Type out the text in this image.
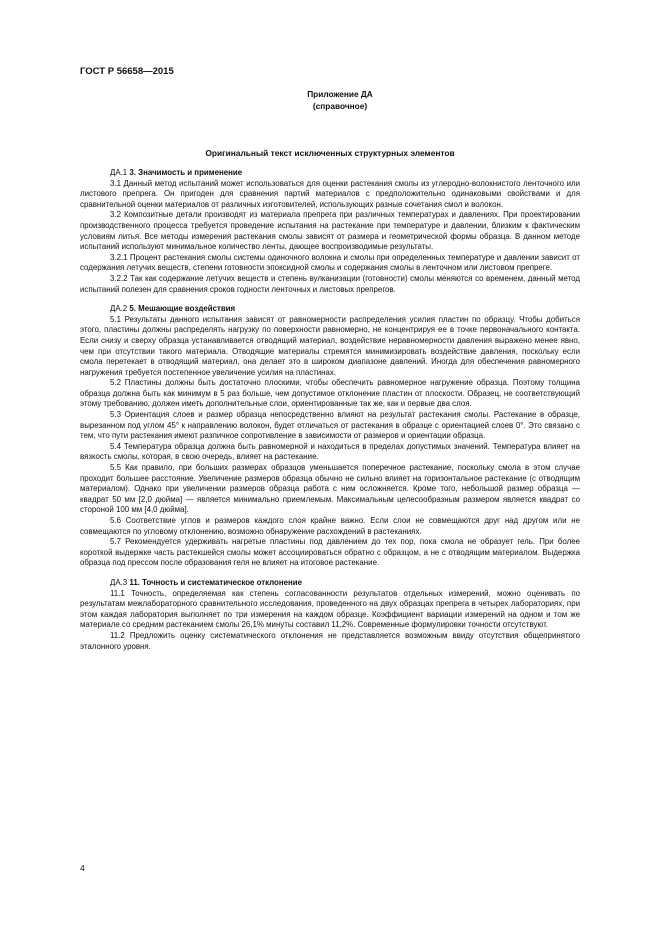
ГОСТ Р 56658—2015
Приложение ДА
(справочное)
Оригинальный текст исключенных структурных элементов
ДА.1 3. Значимость и применение

3.1 Данный метод испытаний может использоваться для оценки растекания смолы из углеродно-волокнистого ленточного или листового препрега. Он пригоден для сравнения партий материалов с предположительно одинаковыми свойствами и для сравнительной оценки материалов от различных изготовителей, использующих разные сочетания смол и волокон.

3.2 Композитные детали производят из материала препрега при различных температурах и давлениях. При проектировании производственного процесса требуется проведение испытания на растекание при температуре и давлении, близким к фактическим условиям литья. Все методы измерения растекания смолы зависят от размера и геометрической формы образца. В данном методе испытаний используют минимальное количество ленты, дающее воспроизводимые результаты.

3.2.1 Процент растекания смолы системы одиночного волокна и смолы при определенных температуре и давлении зависит от содержания летучих веществ, степени готовности эпоксидной смолы и содержания смолы в ленточном или листовом препреге.

3.2.2 Так как содержание летучих веществ и степень вулканизации (готовности) смолы меняются со временем, данный метод испытаний полезен для сравнения сроков годности ленточных и листовых препрегов.

ДА.2 5. Мешающие воздействия

5.1 Результаты данного испытания зависят от равномерности распределения усилия пластин по образцу. Чтобы добиться этого, пластины должны распределять нагрузку по поверхности равномерно, не концентрируя ее в точке первоначального контакта. Если снизу и сверху образца устанавливается отводящий материал, воздействие неравномерности давления выражено менее явно, чем при отсутствии такого материала. Отводящие материалы стремятся минимизировать воздействие давления, поскольку если смола перетекает в отводящий материал, она делает это в широком диапазоне давлений. Иногда для обеспечения равномерного нагружения требуется постепенное увеличение усилия на пластинах.

5.2 Пластины должны быть достаточно плоскими, чтобы обеспечить равномерное нагружение образца. Поэтому толщина образца должна быть как минимум в 5 раз больше, чем допустимое отклонение пластин от плоскости. Образец, не соответствующий этому требованию, должен иметь дополнительные слои, ориентированные так же, как и первые два слоя.

5.3 Ориентация слоев и размер образца непосредственно влияют на результат растекания смолы. Растекание в образце, вырезанном под углом 45° к направлению волокон, будет отличаться от растекания в образце с ориентацией слоев 0°. Это связано с тем, что пути растекания имеют различное сопротивление в зависимости от размеров и ориентации образца.

5.4 Температура образца должна быть равномерной и находиться в пределах допустимых значений. Температура влияет на вязкость смолы, которая, в свою очередь, влияет на растекание.

5.5 Как правило, при больших размерах образцов уменьшается поперечное растекание, поскольку смола в этом случае проходит большее расстояние. Увеличение размеров образца обычно не сильно влияет на горизонтальное растекание (с отводящим материалом). Однако при увеличении размеров образца работа с ним осложняется. Кроме того, небольшой размер образца — квадрат 50 мм [2,0 дюйма] — является минимально приемлемым. Максимальным целесообразным размером является квадрат со стороной 100 мм [4,0 дюйма].

5.6 Соответствие углов и размеров каждого слоя крайне важно. Если слои не совмещаются друг над другом или не совмещаются по угловому отклонению, возможно обнаружение расхождений в растеканиях.

5.7 Рекомендуется удерживать нагретые пластины под давлением до тех пор, пока смола не образует гель. При более короткой выдержке часть растекшейся смолы может ассоциироваться обратно с образцом, а не с отводящим материалом. Выдержка образца под прессом после образования геля не влияет на итоговое растекание.

ДА.3 11. Точность и систематическое отклонение

11.1 Точность, определяемая как степень согласованности результатов отдельных измерений, можно оценивать по результатам межлабораторного сравнительного исследования, проведенного на двух образцах препрега в четырех лабораториях, при этом каждая лаборатория выполняет по три измерения на каждом образце. Коэффициент вариации измерений на одном и том же материале со средним растеканием смолы 26,1% минуты составил 11,2%. Современные формулировки точности отсутствуют.

11.2 Предложить оценку систематического отклонения не представляется возможным ввиду отсутствия общепринятого эталонного уровня.

4
